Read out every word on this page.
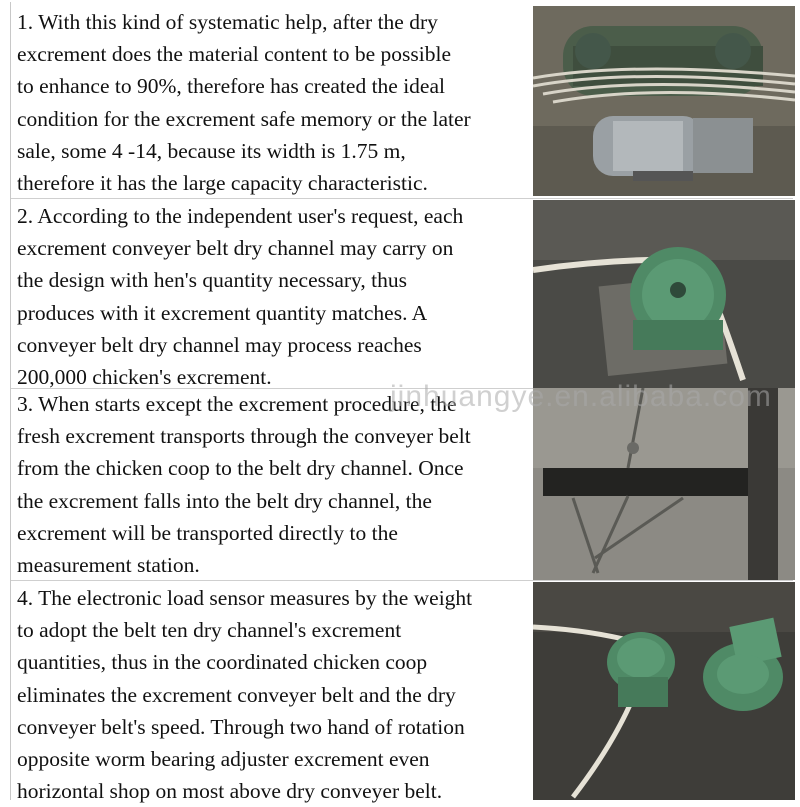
1. With this kind of systematic help, after the dry
excrement does the material content to be possible
to enhance to 90%, therefore has created the ideal
condition for the excrement safe memory or the later
sale, some 4 -14, because its width is 1.75 m,
therefore it has the large capacity characteristic.
2. According to the independent user's request, each
excrement conveyer belt dry channel may carry on
the design with hen's quantity necessary, thus
produces with it excrement quantity matches. A
conveyer belt dry channel may process reaches
200,000 chicken's excrement.
3. When starts except the excrement procedure, the
fresh excrement transports through the conveyer belt
from the chicken coop to the belt dry channel. Once
the excrement falls into the belt dry channel, the
excrement will be transported directly to the
measurement station.
4. The electronic load sensor measures by the weight
to adopt the belt ten dry channel's excrement
quantities, thus in the coordinated chicken coop
eliminates the excrement conveyer belt and the dry
conveyer belt's speed. Through two hand of rotation
opposite worm bearing adjuster excrement even
horizontal shop on most above dry conveyer belt.
jinhuangye.en.alibaba.com
